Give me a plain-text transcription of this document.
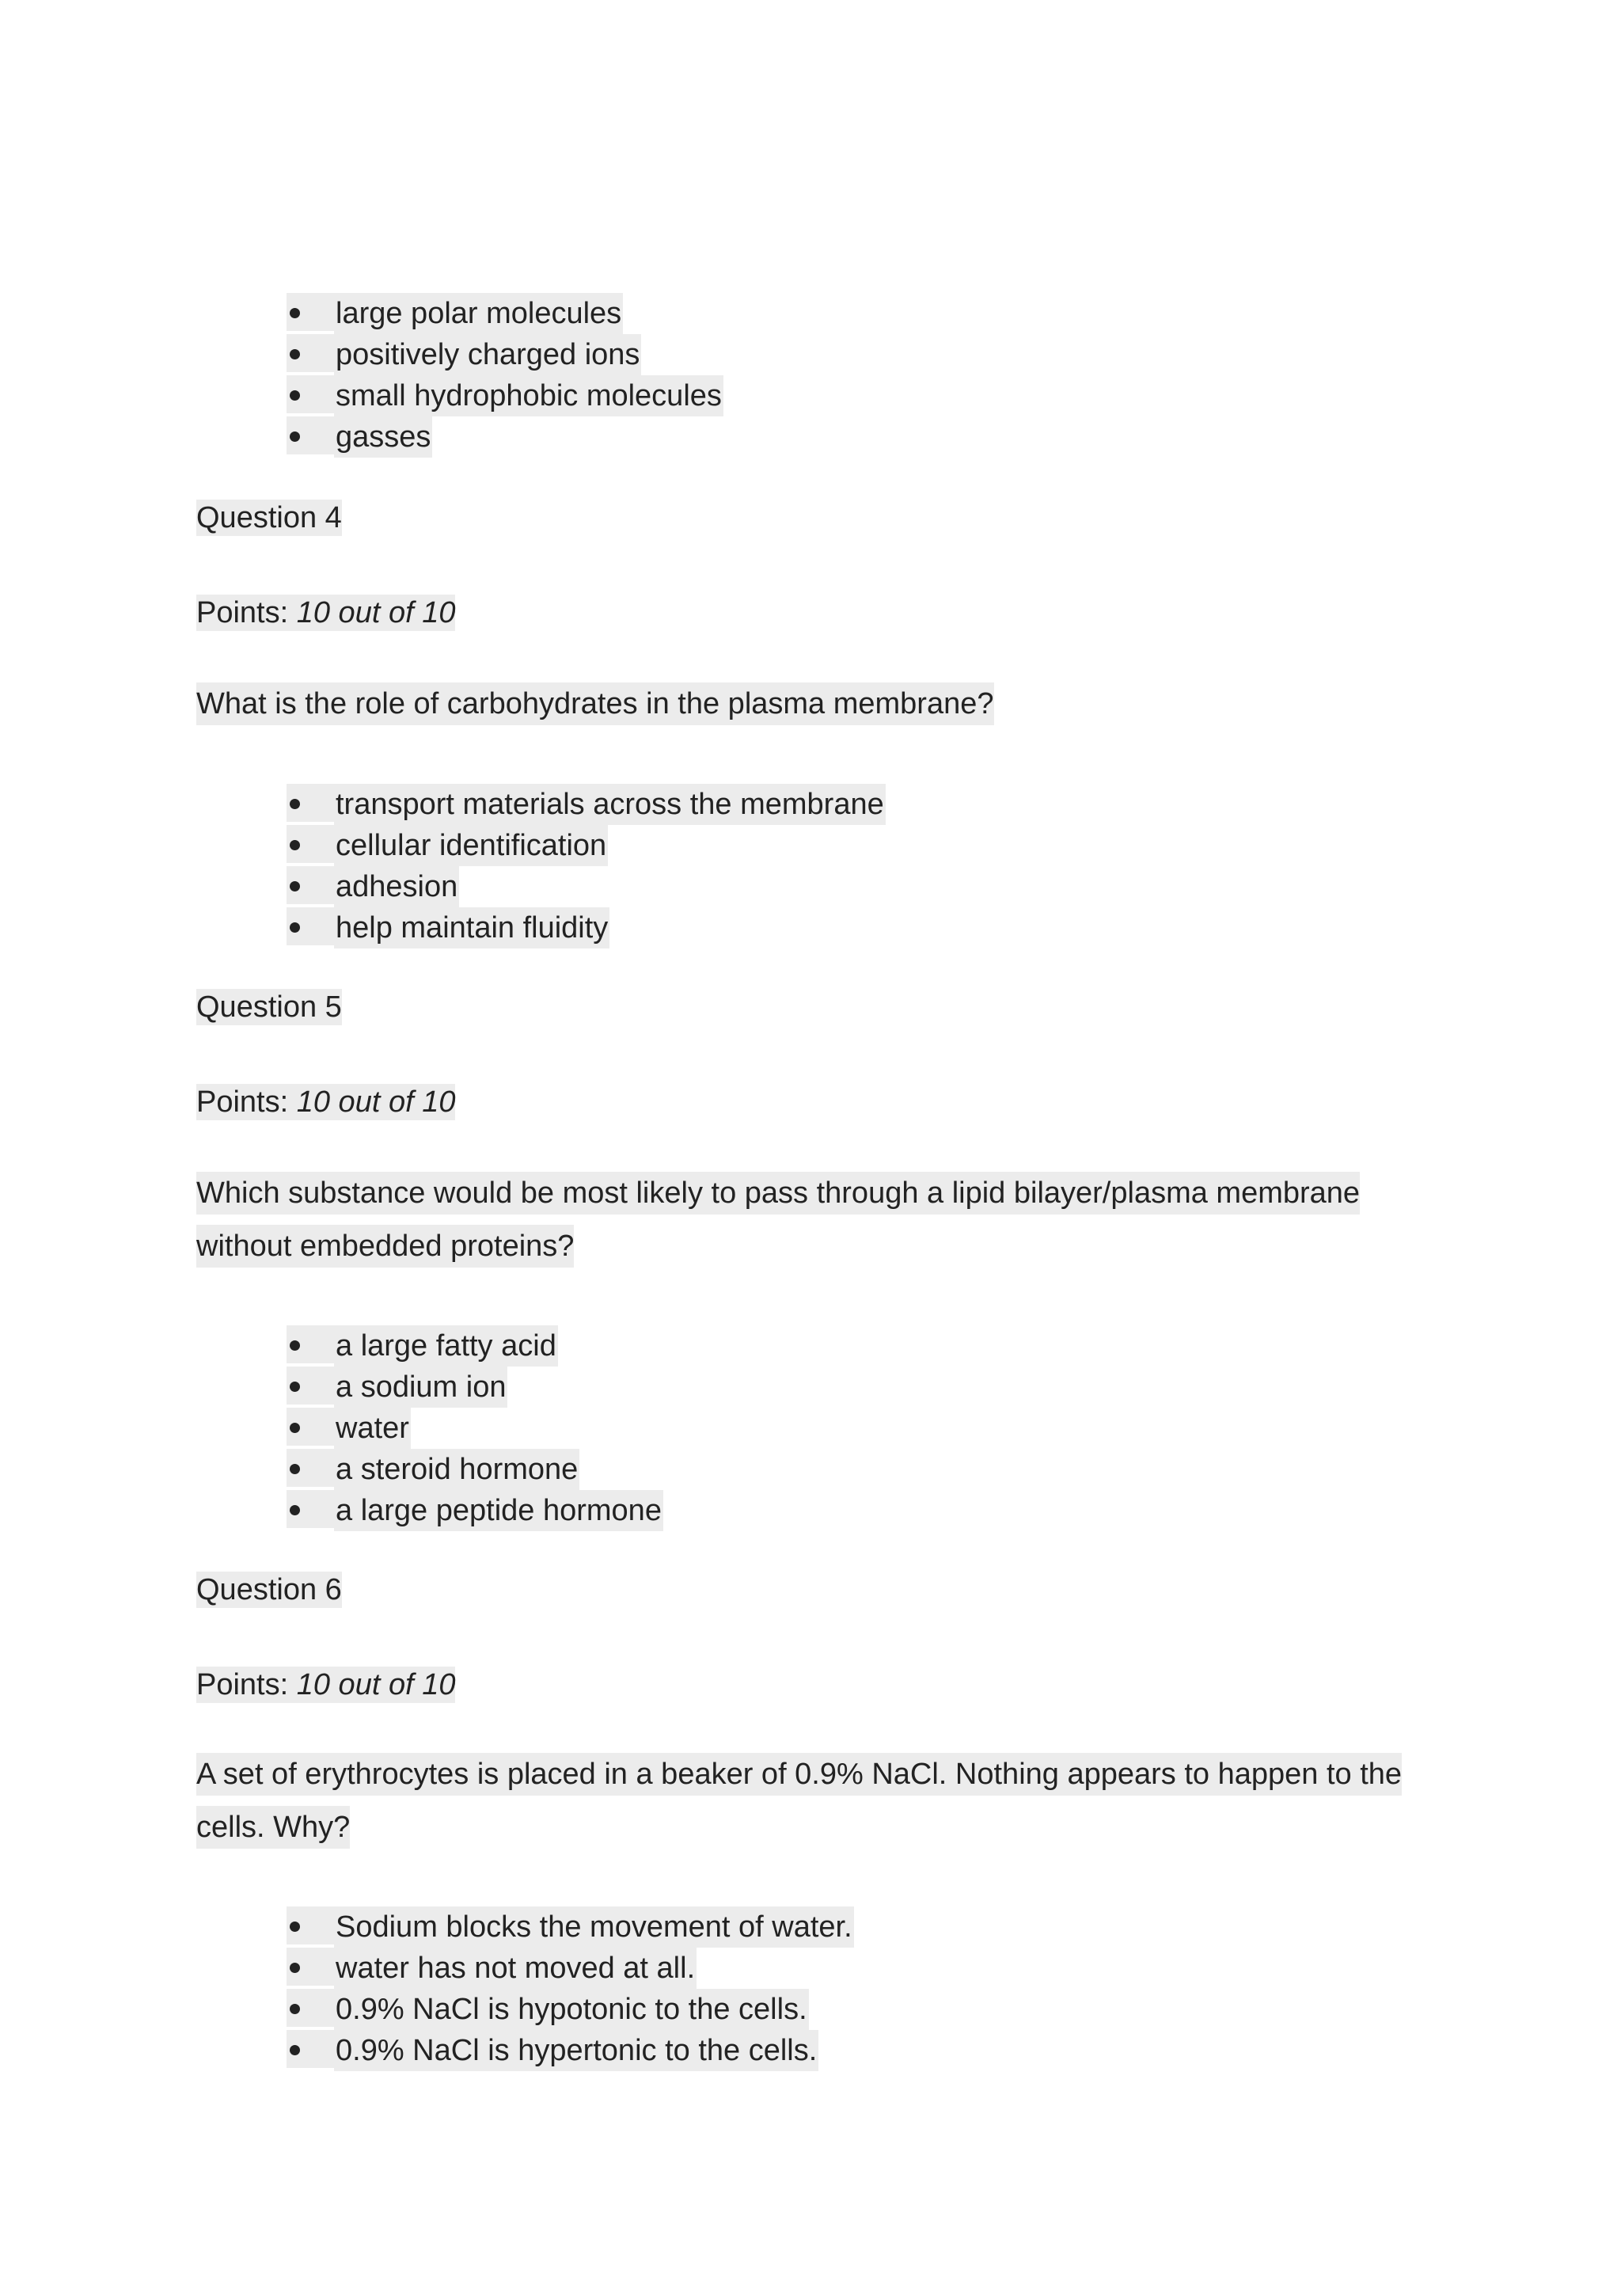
large polar molecules
positively charged ions
small hydrophobic molecules
gasses
Question 4
Points: 10 out of 10
What is the role of carbohydrates in the plasma membrane?
transport materials across the membrane
cellular identification
adhesion
help maintain fluidity
Question 5
Points: 10 out of 10
Which substance would be most likely to pass through a lipid bilayer/plasma membrane without embedded proteins?
a large fatty acid
a sodium ion
water
a steroid hormone
a large peptide hormone
Question 6
Points: 10 out of 10
A set of erythrocytes is placed in a beaker of 0.9% NaCl. Nothing appears to happen to the cells. Why?
Sodium blocks the movement of water.
water has not moved at all.
0.9% NaCl is hypotonic to the cells.
0.9% NaCl is hypertonic to the cells.
